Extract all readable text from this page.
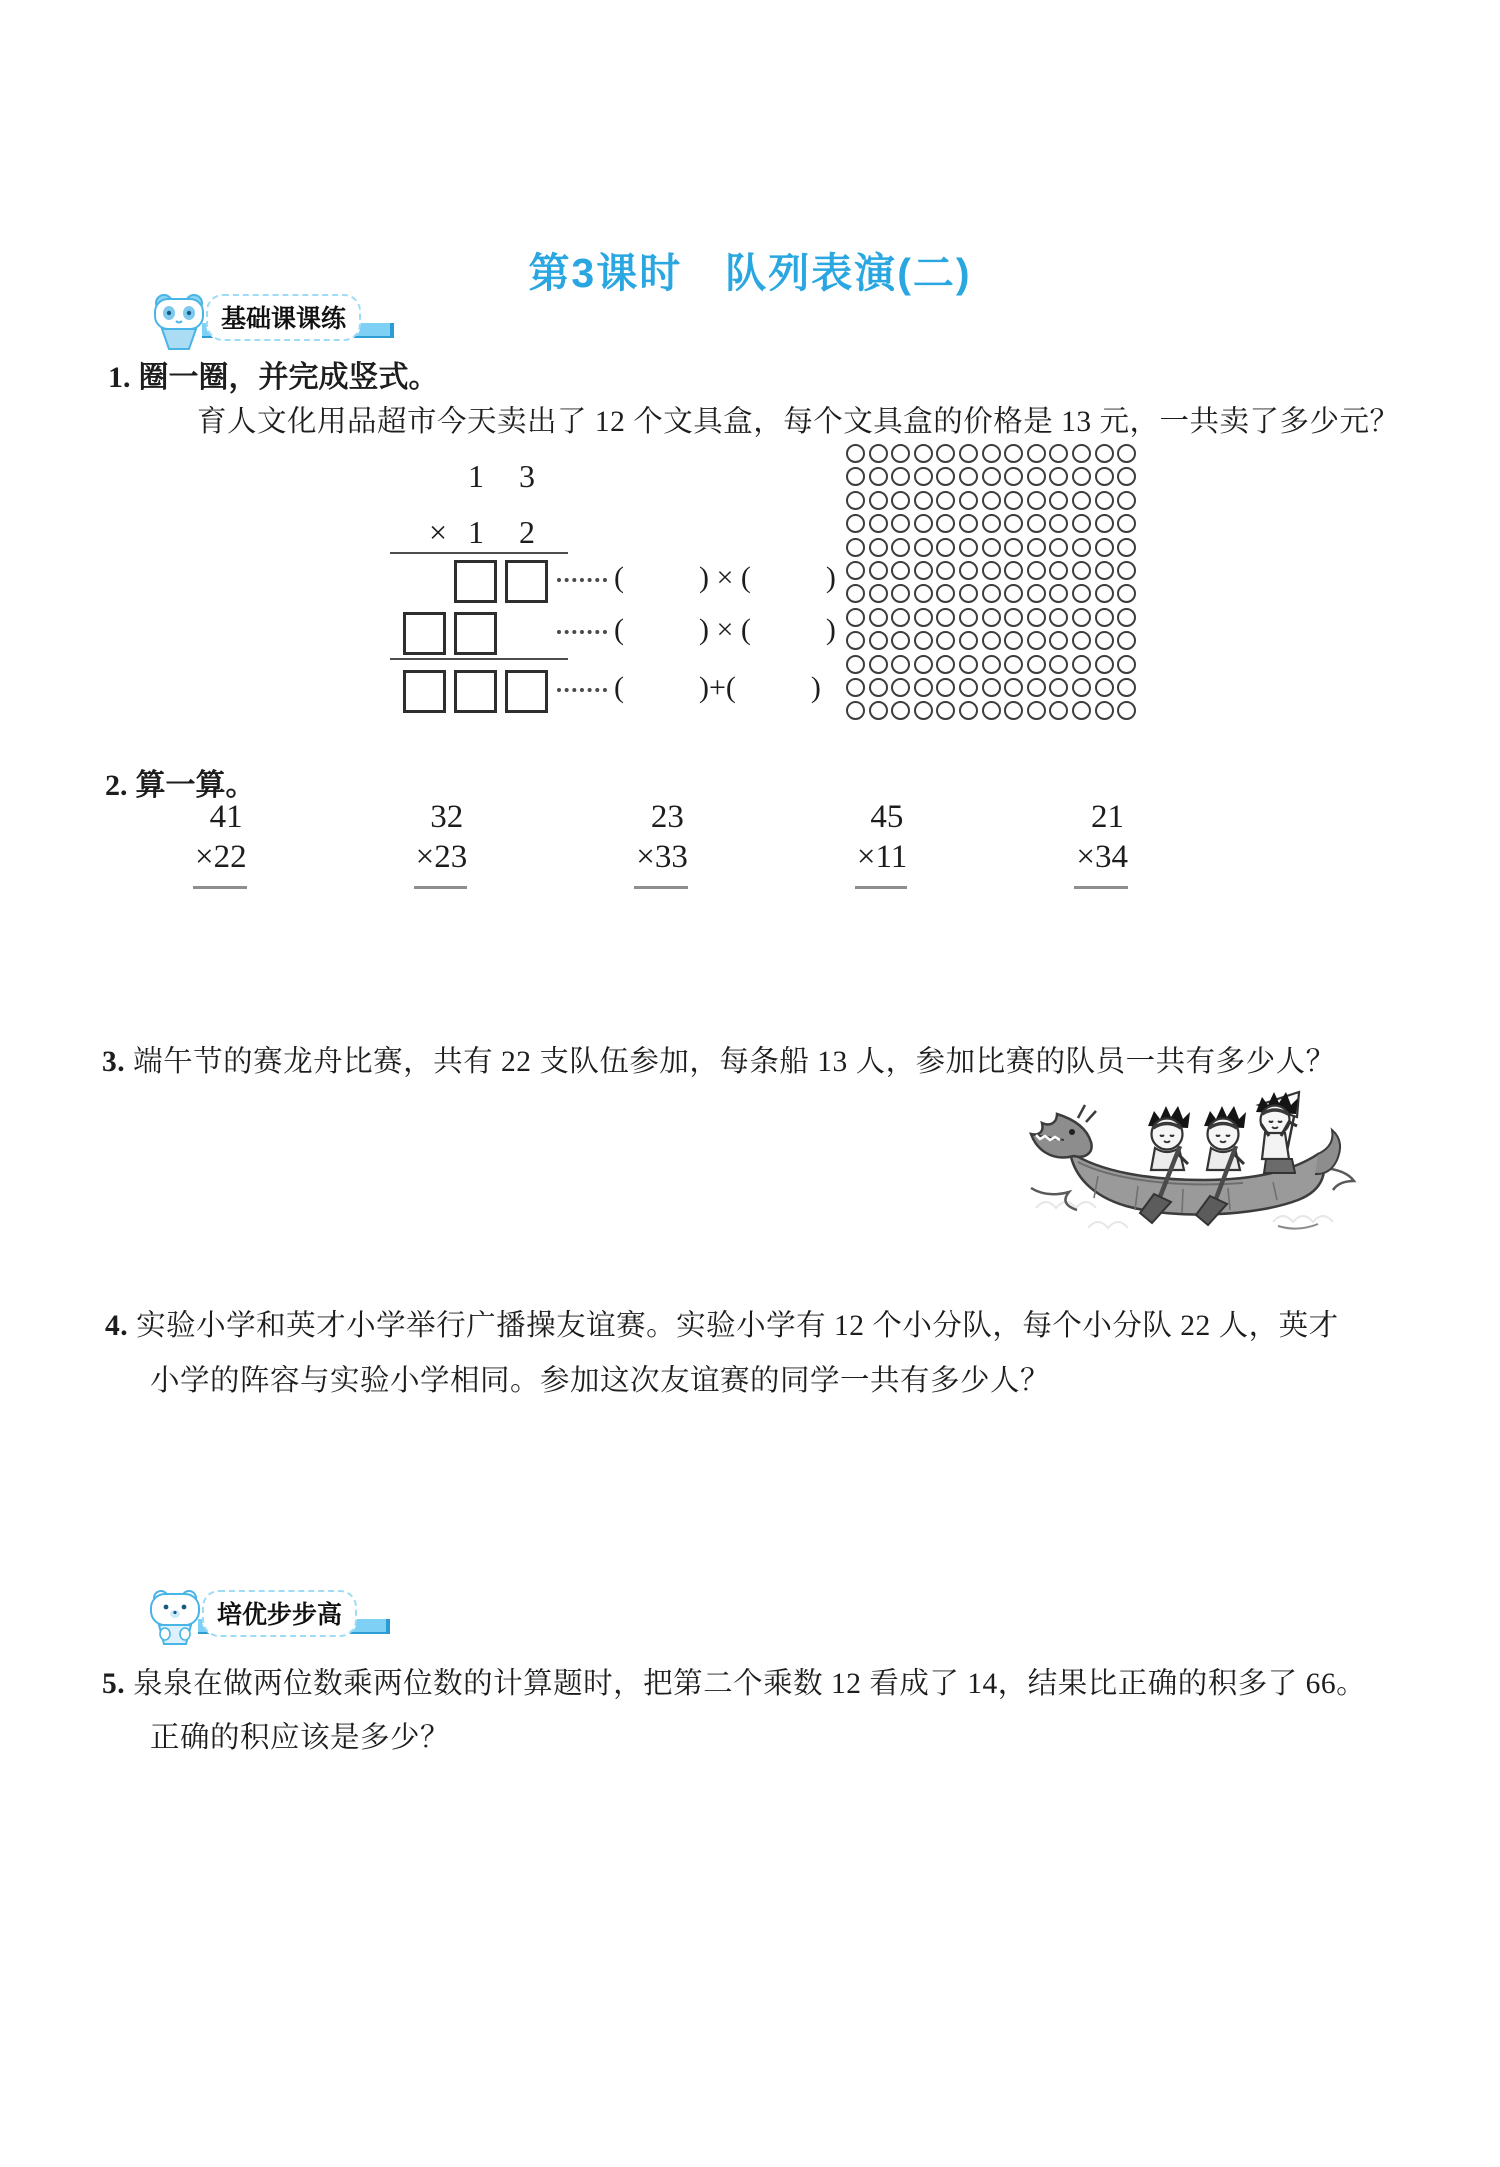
第3课时　队列表演(二)
基础课课练
1. 圈一圈，并完成竖式。
育人文化用品超市今天卖出了 12 个文具盒，每个文具盒的价格是 13 元，一共卖了多少元？
1	3
× 1	2
(          ) × (          )
(          ) × (          )
(          )+(          )
2. 算一算。
41
×22
32
×23
23
×33
45
×11
21
×34
3. 端午节的赛龙舟比赛，共有 22 支队伍参加，每条船 13 人，参加比赛的队员一共有多少人？
4. 实验小学和英才小学举行广播操友谊赛。实验小学有 12 个小分队，每个小分队 22 人，英才
小学的阵容与实验小学相同。参加这次友谊赛的同学一共有多少人？
培优步步高
5. 泉泉在做两位数乘两位数的计算题时，把第二个乘数 12 看成了 14，结果比正确的积多了 66。
正确的积应该是多少？
